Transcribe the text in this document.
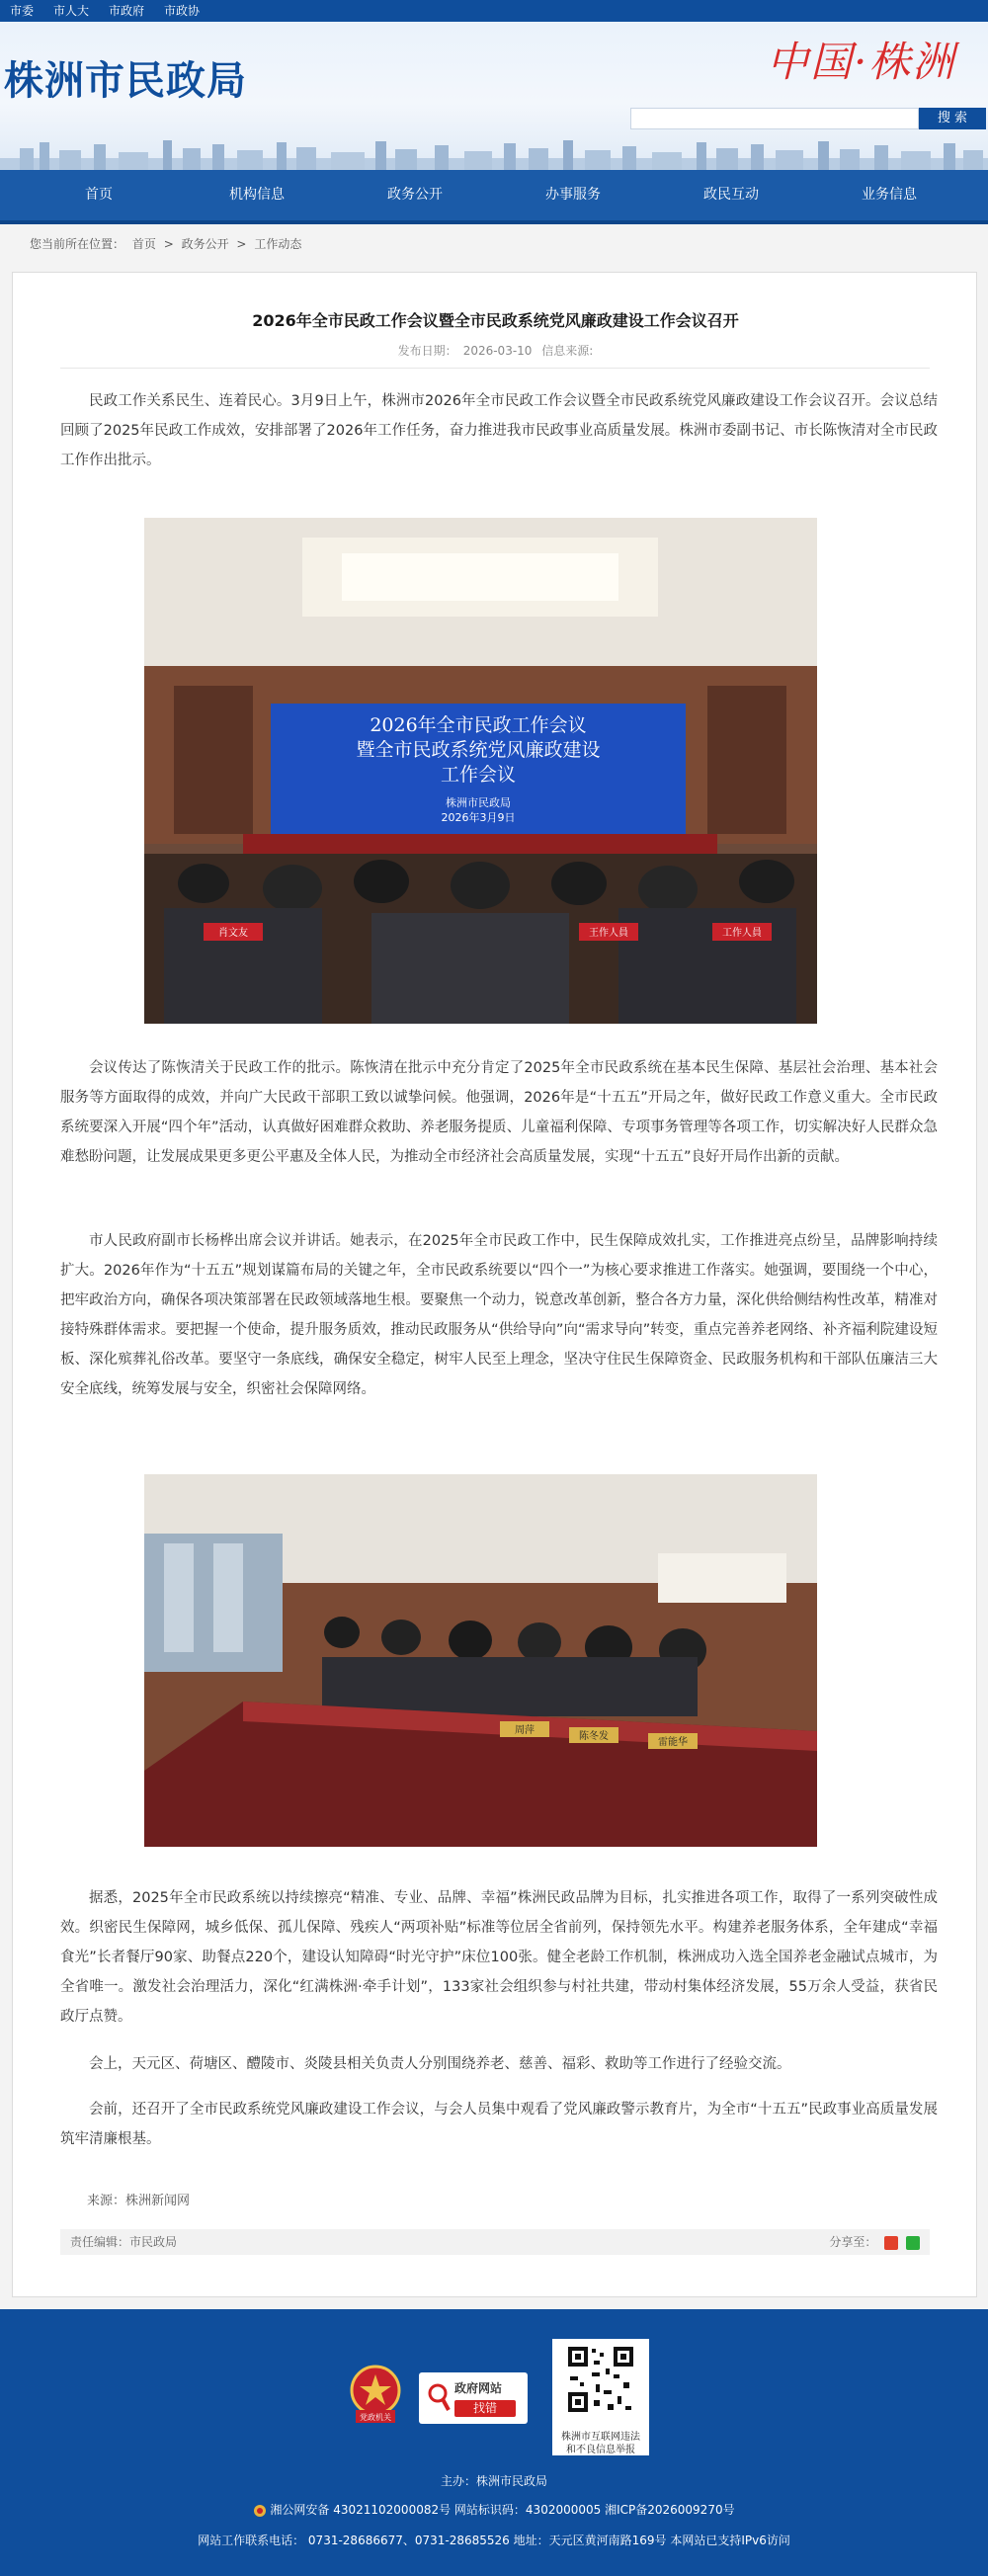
市委 市人大 市政府 市政协
株洲市民政局	中国·株洲
搜 索
首页	机构信息	政务公开	办事服务	政民互动	业务信息
您当前所在位置： 首页 > 政务公开 > 工作动态
2026年全市民政工作会议暨全市民政系统党风廉政建设工作会议召开
发布日期： 2026-03-10 信息来源:

民政工作关系民生、连着民心。3月9日上午，株洲市2026年全市民政工作会议暨全市民政系统党风廉政建设工作会议召开。会议总结回顾了2025年民政工作成效，安排部署了2026年工作任务，奋力推进我市民政事业高质量发展。株洲市委副书记、市长陈恢清对全市民政工作作出批示。

2026年全市民政工作会议
暨全市民政系统党风廉政建设
工作会议
株洲市民政局
2026年3月9日
肖文友	王作人員	工作人員

会议传达了陈恢清关于民政工作的批示。陈恢清在批示中充分肯定了2025年全市民政系统在基本民生保障、基层社会治理、基本社会服务等方面取得的成效，并向广大民政干部职工致以诚挚问候。他强调，2026年是“十五五”开局之年，做好民政工作意义重大。全市民政系统要深入开展“四个年”活动，认真做好困难群众救助、养老服务提质、儿童福利保障、专项事务管理等各项工作，切实解决好人民群众急难愁盼问题，让发展成果更多更公平惠及全体人民，为推动全市经济社会高质量发展，实现“十五五”良好开局作出新的贡献。

市人民政府副市长杨桦出席会议并讲话。她表示，在2025年全市民政工作中，民生保障成效扎实，工作推进亮点纷呈，品牌影响持续扩大。2026年作为“十五五”规划谋篇布局的关键之年，全市民政系统要以“四个一”为核心要求推进工作落实。她强调，要围绕一个中心，把牢政治方向，确保各项决策部署在民政领域落地生根。要聚焦一个动力，锐意改革创新，整合各方力量，深化供给侧结构性改革，精准对接特殊群体需求。要把握一个使命，提升服务质效，推动民政服务从“供给导向”向“需求导向”转变，重点完善养老网络、补齐福利院建设短板、深化殡葬礼俗改革。要坚守一条底线，确保安全稳定，树牢人民至上理念，坚决守住民生保障资金、民政服务机构和干部队伍廉洁三大安全底线，统筹发展与安全，织密社会保障网络。

周萍
陈冬发
雷能华

据悉，2025年全市民政系统以持续擦亮“精准、专业、品牌、幸福”株洲民政品牌为目标，扎实推进各项工作，取得了一系列突破性成效。织密民生保障网，城乡低保、孤儿保障、残疾人“两项补贴”标准等位居全省前列，保持领先水平。构建养老服务体系，全年建成“幸福食光”长者餐厅90家、助餐点220个，建设认知障碍“时光守护”床位100张。健全老龄工作机制，株洲成功入选全国养老金融试点城市，为全省唯一。激发社会治理活力，深化“红满株洲·牵手计划”，133家社会组织参与村社共建，带动村集体经济发展，55万余人受益，获省民政厅点赞。

会上，天元区、荷塘区、醴陵市、炎陵县相关负责人分别围绕养老、慈善、福彩、救助等工作进行了经验交流。

会前，还召开了全市民政系统党风廉政建设工作会议，与会人员集中观看了党风廉政警示教育片，为全市“十五五”民政事业高质量发展筑牢清廉根基。

来源：株洲新闻网
责任编辑：市民政局	分享至：
党政机关
政府网站
找错
株洲市互联网违法
和不良信息举报
主办：株洲市民政局
湘公网安备 43021102000082号 网站标识码：4302000005 湘ICP备2026009270号
网站工作联系电话： 0731-28686677、0731-28685526 地址：天元区黄河南路169号 本网站已支持IPv6访问
